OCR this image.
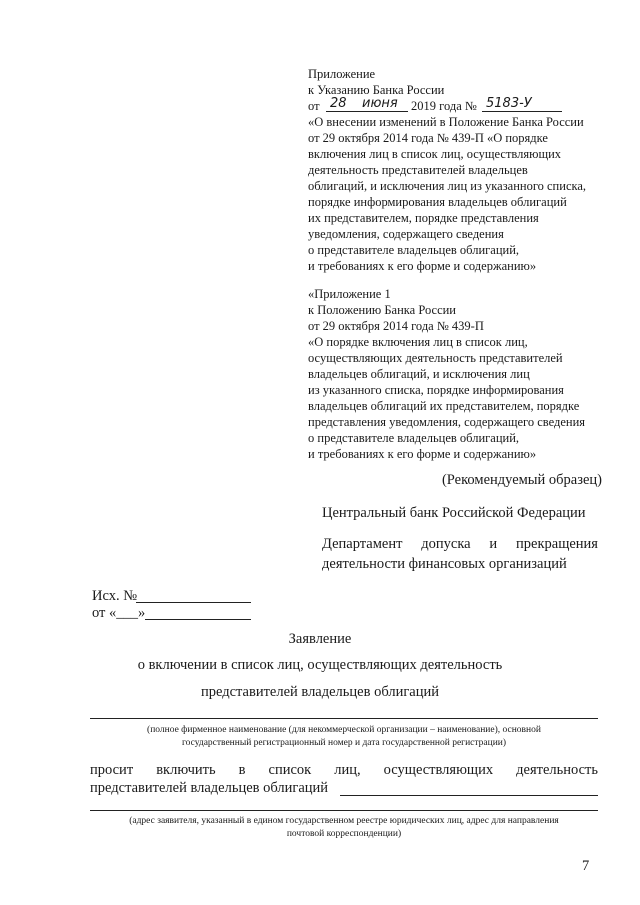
Приложение
к Указанию Банка России
от 28 июня 2019 года № 5183-У
«О внесении изменений в Положение Банка России
от 29 октября 2014 года № 439-П «О порядке
включения лиц в список лиц, осуществляющих
деятельность представителей владельцев
облигаций, и исключения лиц из указанного списка,
порядке информирования владельцев облигаций
их представителем, порядке представления
уведомления, содержащего сведения
о представителе владельцев облигаций,
и требованиях к его форме и содержанию»
«Приложение 1
к Положению Банка России
от 29 октября 2014 года № 439-П
«О порядке включения лиц в список лиц,
осуществляющих деятельность представителей
владельцев облигаций, и исключения лиц
из указанного списка, порядке информирования
владельцев облигаций их представителем, порядке
представления уведомления, содержащего сведения
о представителе владельцев облигаций,
и требованиях к его форме и содержанию»
(Рекомендуемый образец)
Центральный банк Российской Федерации
Департамент допуска и прекращения
деятельности финансовых организаций
Исх. №
от «___»
Заявление
о включении в список лиц, осуществляющих деятельность
представителей владельцев облигаций
(полное фирменное наименование (для некоммерческой организации – наименование), основной
государственный регистрационный номер и дата государственной регистрации)
просит включить в список лиц, осуществляющих деятельность
представителей владельцев облигаций
(адрес заявителя, указанный в едином государственном реестре юридических лиц, адрес для направления
почтовой корреспонденции)
7
